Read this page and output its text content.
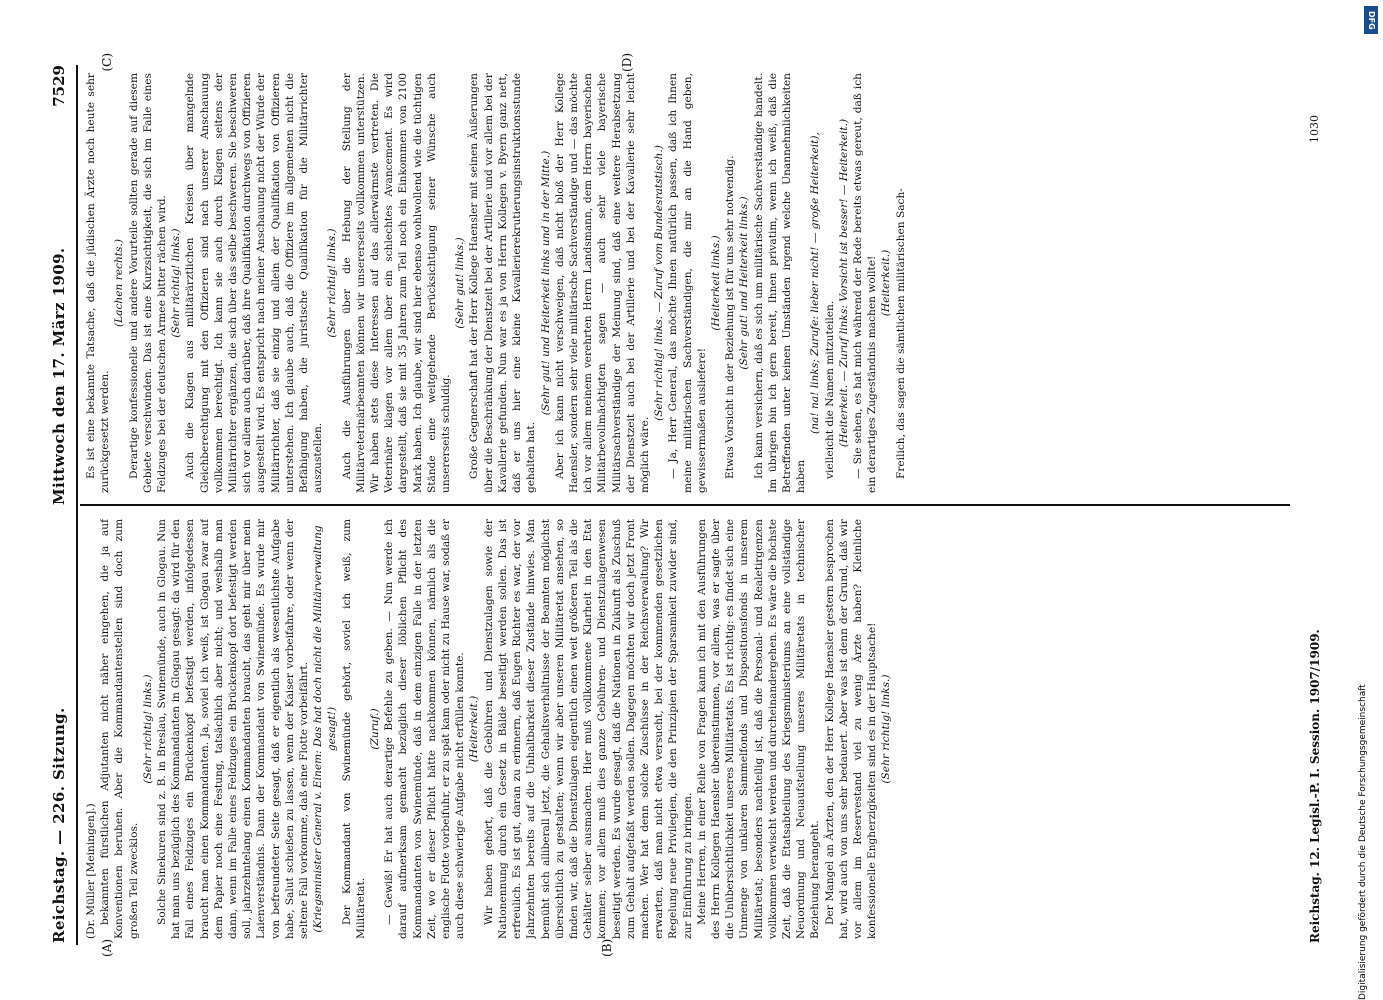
Reichstag. — 226. Sitzung.
Mittwoch den 17. März 1909.
7529
(A)	(B)
(C)	(D)

(Dr. Müller [Meiningen].) bekannten fürstlichen Adjutanten nicht näher eingehen, die ja auf Konventionen beruhen. Aber die Kommandantenstellen sind doch zum großen Teil zwecklos.

(Sehr richtig! links.) Solche Sinekuren sind z. B. in Breslau, Swinemünde, auch in Glogau. Nun hat man uns bezüglich des Kommandanten in Glogau gesagt: da wird für den Fall eines Feldzuges ein Brückenkopf befestigt werden, infolgedessen braucht man einen Kommandanten. Ja, soviel ich weiß, ist Glogau zwar auf dem Papier noch eine Festung, tatsächlich aber nicht; und weshalb man dann, wenn im Falle eines Feldzuges ein Brückenkopf dort befestigt werden soll, jahrzehntelang einen Kommandanten braucht, das geht mir über mein Laienverständnis. Dann der Kommandant von Swinemünde. Es wurde mir von befreundeter Seite gesagt, daß er eigentlich als wesentlichste Aufgabe habe, Salut schießen zu lassen, wenn der Kaiser vorbeifahre, oder wenn der seltene Fall vorkomme, daß eine Flotte vorbeifährt. (Kriegsminister General v. Einem: Das hat doch nicht die Militärverwaltung gesagt!) Der Kommandant von Swinemünde gehört, soviel ich weiß, zum Militäretat.

(Zuruf.) — Gewiß! Er hat auch derartige Befehle zu geben. — Nun werde ich darauf aufmerksam gemacht bezüglich dieser löblichen Pflicht des Kommandanten von Swinemünde, daß in dem einzigen Falle in der letzten Zeit, wo er dieser Pflicht hätte nachkommen können, nämlich als die englische Flotte vorbeifuhr, er zu spät kam oder nicht zu Hause war, sodaß er auch diese schwierige Aufgabe nicht erfüllen konnte. (Heiterkeit.) Wir haben gehört, daß die Gebühren und Dienstzulagen sowie der Nationennung durch ein Gesetz in Bälde beseitigt werden sollen. Das ist erfreulich. Es ist gut, daran zu erinnern, daß Eugen Richter es war, der vor Jahrzehnten bereits auf die Unhaltbarkeit dieser Zustände hinwies. Man bemüht sich alliberall jetzt, die Gehaltsverhältnisse der Beamten möglichst übersichtlich zu gestalten; wenn wir aber unseren Militäretat ansehen, so finden wir, daß die Dienstzulagen eigentlich einen weit größeren Teil als die Gehälter selber ausmachen. Hier muß vollkommene Klarheit in den Etat kommen; vor allem muß dies ganze Gebühren- und Dienstzulagenwesen beseitigt werden. Es wurde gesagt, daß die Nationen in Zukunft als Zuschuß zum Gehalt aufgefaßt werden sollen. Dagegen möchten wir doch jetzt Front machen. Wer hat denn solche Zuschüsse in der Reichsverwaltung? Wir erwarten, daß man nicht etwa versucht, bei der kommenden gesetzlichen Regelung neue Privilegien, die den Prinzipien der Sparsamkeit zuwider sind, zur Einführung zu bringen. Meine Herren, in einer Reihe von Fragen kann ich mit den Ausführungen des Herrn Kollegen Haensler übereinstimmen, vor allem, was er sagte über die Unübersichtlichkeit unseres Militäretats. Es ist richtig: es findet sich eine Unmenge von unklaren Sammelfonds und Dispositionsfonds in unserem Militäretat; besonders nachteilig ist, daß die Personal- und Realetirgenzen vollkommen verwischt werden und durcheinandergehen. Es wäre die höchste Zeit, daß die Etatsabteilung des Kriegsministeriums an eine vollständige Neuordnung und Neuaufstellung unseres Militäretats in technischer Beziehung herangeht. Der Mangel an Ärzten, den der Herr Kollege Haensler gestern besprochen hat, wird auch von uns sehr bedauert. Aber was ist denn der Grund, daß wir vor allem im Reservestand viel zu wenig Ärzte haben? Kleinliche konfessionelle Engherzigkeiten sind es in der Hauptsache! (Sehr richtig! links.)

Es ist eine bekannte Tatsache, daß die jüdischen Ärzte noch heute sehr zurückgesetzt werden.

(Lachen rechts.) Derartige konfessionelle und andere Vorurteile sollten gerade auf diesem Gebiete verschwinden. Das ist eine Kurzsichtigkeit, die sich im Falle eines Feldzuges bei der deutschen Armee bitter rächen wird. (Sehr richtig! links.) Auch die Klagen aus militärärztlichen Kreisen über mangelnde Gleichberechtigung mit den Offizieren sind nach unserer Anschauung vollkommen berechtigt. Ich kann sie auch durch Klagen seitens der Militärrichter ergänzen, die sich über das selbe beschweren. Sie beschweren sich vor allem auch darüber, daß ihre Qualifikation durchwegs von Offizieren ausgestellt wird. Es entspricht nach meiner Anschauung nicht der Würde der Militärrichter, daß sie einzig und allein der Qualifikation von Offizieren unterstehen. Ich glaube auch, daß die Offiziere im allgemeinen nicht die Befähigung haben, die juristische Qualifikation für die Militärrichter auszustellen.

(Sehr richtig! links.) Auch die Ausführungen über die Hebung der Stellung der Militärveterinärbeamten können wir unsererseits vollkommen unterstützen. Wir haben stets diese Interessen auf das allerwärmste vertreten. Die Veterinäre klagen vor allem über ein schlechtes Avancement. Es wird dargestellt, daß sie mit 35 Jahren zum Teil noch ein Einkommen von 2100 Mark haben. Ich glaube, wir sind hier ebenso wohlwollend wie die tüchtigen Stände eine weitgehende Berücksichtigung seiner Wünsche auch unsererseits schuldig.

(Sehr gut! links.) Große Gegnerschaft hat der Herr Kollege Haensler mit seinen Äußerungen über die Beschränkung der Dienstzeit bei der Artillerie und vor allem bei der Kavallerie gefunden. Nun war es ja von Herrn Kollegen v. Byern ganz nett, daß er uns hier eine kleine Kavallerierekrutierungsinstruktionsstunde gehalten hat.

(Sehr gut! und Heiterkeit links und in der Mitte.) Aber ich kann nicht verschweigen, daß nicht bloß der Herr Kollege Haensler, sondern sehr viele militärische Sachverständige und — das möchte ich vor allem meinem verehrten Herrn Landsmann, dem Herrn bayerischen Militärbevollmächtigten sagen — auch sehr viele bayerische Militärsachverständige der Meinung sind, daß eine weitere Herabsetzung der Dienstzeit auch bei der Artillerie und bei der Kavallerie sehr leicht möglich wäre.

(Sehr richtig! links. — Zuruf vom Bundesratstisch.) — Ja, Herr General, das möchte Ihnen natürlich passen, daß ich Ihnen meine militärischen Sachverständigen, die mir an die Hand geben, gewissermaßen ausliefere!

(Heiterkeit links.) Etwas Vorsicht in der Beziehung ist für uns sehr notwendig. (Sehr gut! und Heiterkeit links.) Ich kann versichern, daß es sich um militärische Sachverständige handelt. Im übrigen bin ich gern bereit, Ihnen privatim, wenn ich weiß, daß die Betreffenden unter keinen Umständen irgend welche Unannehmlichkeiten haben

(na! na! links; Zurufe: lieber nicht! — große Heiterkeit), vielleicht die Namen mitzuteilen. (Heiterkeit. — Zuruf links: Vorsicht ist besser! — Heiterkeit.) — Sie sehen, es hat mich während der Rede bereits etwas gereut, daß ich ein derartiges Zugeständnis machen wollte! (Heiterkeit.) Freilich, das sagen die sämtlichen militärischen Sach-

Reichstag. 12. Legisl.-P. I. Session. 1907/1909.
1030
DFG
Digitalisierung gefördert durch die Deutsche Forschungsgemeinschaft
